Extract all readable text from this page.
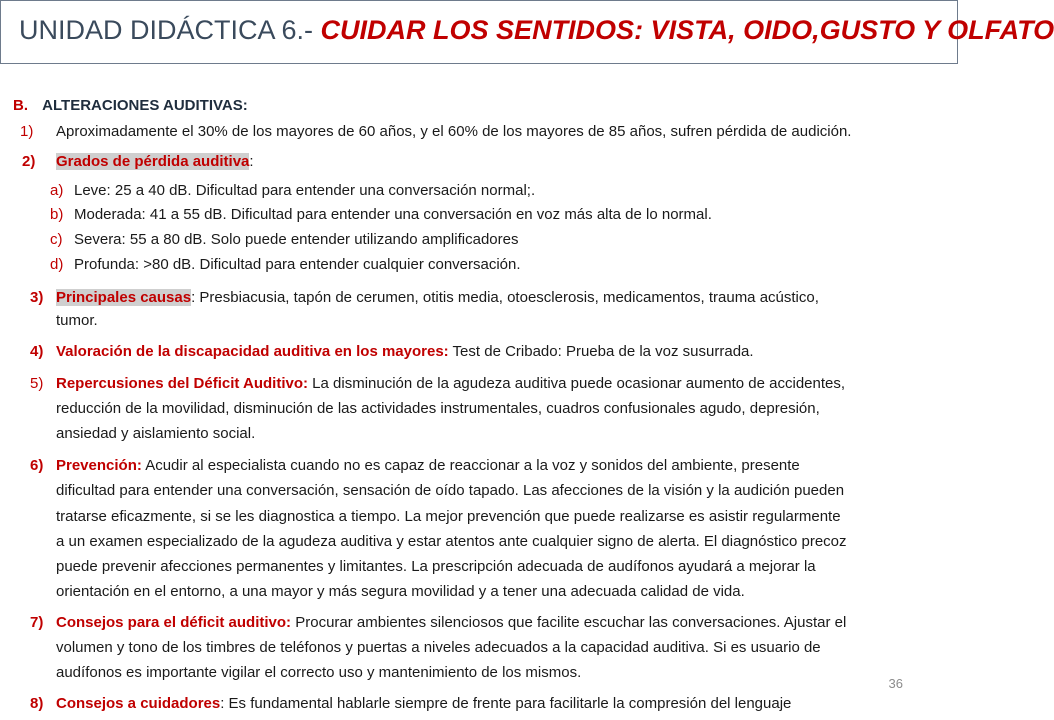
UNIDAD DIDÁCTICA 6.- CUIDAR LOS SENTIDOS: VISTA, OIDO,GUSTO Y OLFATO
B. ALTERACIONES AUDITIVAS:
1) Aproximadamente el 30% de los mayores de 60 años, y el 60% de los mayores de 85 años, sufren pérdida de audición.
2) Grados de pérdida auditiva:
a) Leve: 25 a 40 dB. Dificultad para entender una conversación normal;.
b) Moderada: 41 a 55 dB. Dificultad para entender una conversación en voz más alta de lo normal.
c) Severa: 55 a 80 dB. Solo puede entender utilizando amplificadores
d) Profunda: >80 dB. Dificultad para entender cualquier conversación.
3) Principales causas: Presbiacusia, tapón de cerumen, otitis media, otoesclerosis, medicamentos, trauma acústico,
tumor.
4) Valoración de la discapacidad auditiva en los mayores: Test de Cribado: Prueba de la voz susurrada.
5) Repercusiones del Déficit Auditivo: La disminución de la agudeza auditiva puede ocasionar aumento de accidentes,
reducción de la movilidad, disminución de las actividades instrumentales, cuadros confusionales agudo, depresión,
ansiedad y aislamiento social.
6) Prevención: Acudir al especialista cuando no es capaz de reaccionar a la voz y sonidos del ambiente, presente
dificultad para entender una conversación, sensación de oído tapado. Las afecciones de la visión y la audición pueden
tratarse eficazmente, si se les diagnostica a tiempo. La mejor prevención que puede realizarse es asistir regularmente
a un examen especializado de la agudeza auditiva y estar atentos ante cualquier signo de alerta. El diagnóstico precoz
puede prevenir afecciones permanentes y limitantes. La prescripción adecuada de audífonos ayudará a mejorar la
orientación en el entorno, a una mayor y más segura movilidad y a tener una adecuada calidad de vida.
7) Consejos para el déficit auditivo: Procurar ambientes silenciosos que facilite escuchar las conversaciones. Ajustar el
volumen y tono de los timbres de teléfonos y puertas a niveles adecuados a la capacidad auditiva. Si es usuario de
audífonos es importante vigilar el correcto uso y mantenimiento de los mismos.
8) Consejos a cuidadores: Es fundamental hablarle siempre de frente para facilitarle la compresión del lenguaje
36
